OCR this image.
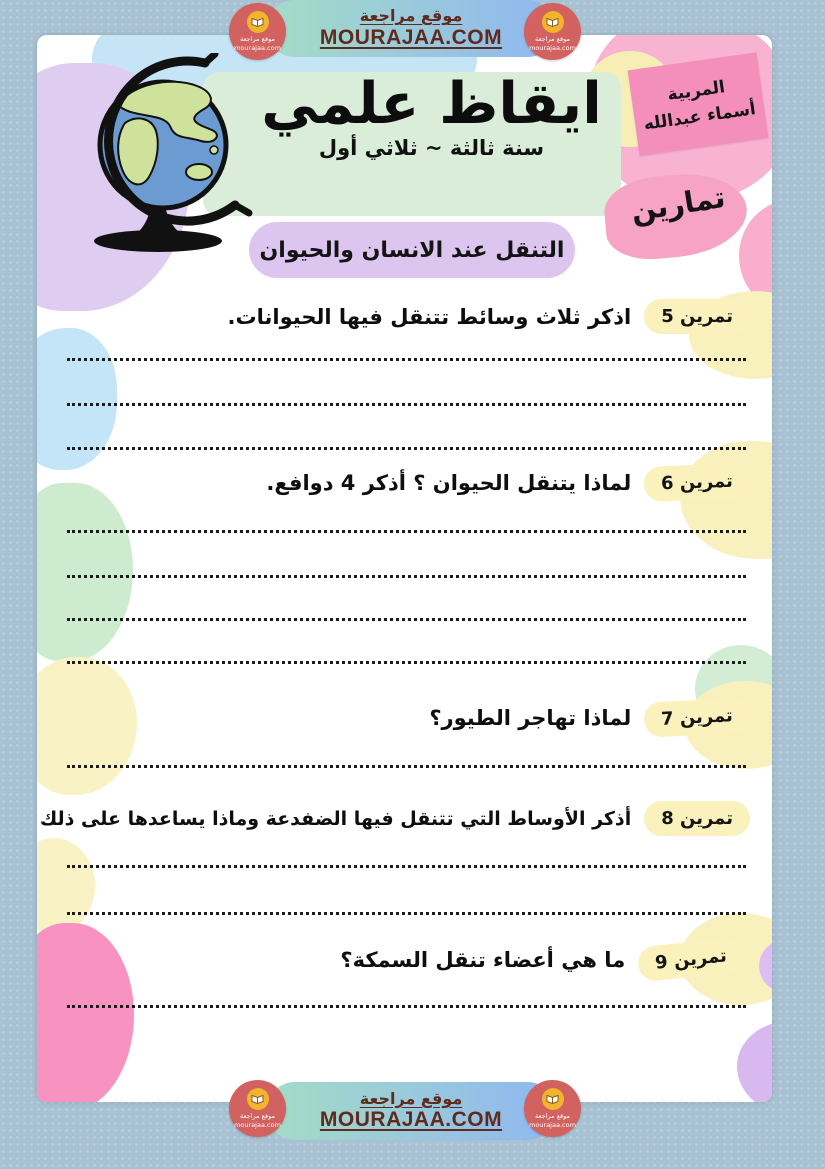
ايقاظ علمي
سنة ثالثة ~ ثلاثي أول
المربية
أسماء عبدالله
تمارين
التنقل عند الانسان والحيوان
تمرين 5
اذكر ثلاث وسائط تتنقل فيها الحيوانات.
تمرين 6
لماذا يتنقل الحيوان ؟ أذكر 4 دوافع.
تمرين 7
لماذا تهاجر الطيور؟
تمرين 8
أذكر الأوساط التي تتنقل فيها الضفدعة وماذا يساعدها على ذلك
تمرين 9
ما هي أعضاء تنقل السمكة؟
موقع مراجعة
mourajaa.com
موقع مراجعة
MOURAJAA.COM	موقع مراجعة
mourajaa.com
موقع مراجعة
mourajaa.com
موقع مراجعة
MOURAJAA.COM	موقع مراجعة
mourajaa.com
